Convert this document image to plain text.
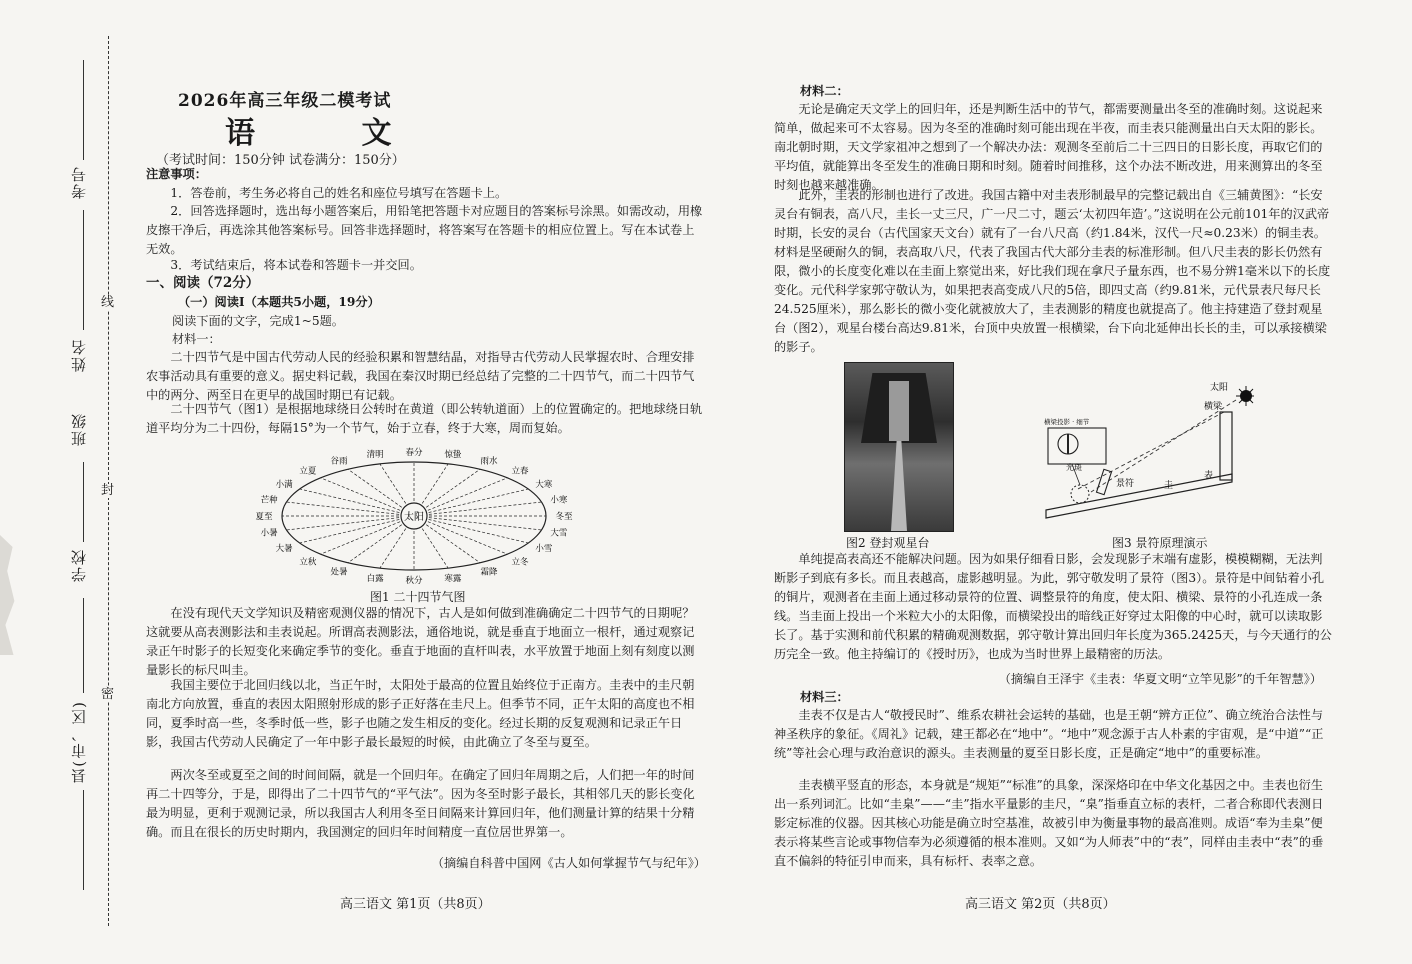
线
封
密
考号
姓名
班级
学校
县(市、区)
2026年高三年级二模考试
语 文
（考试时间：150分钟 试卷满分：150分）

注意事项：

1．答卷前，考生务必将自己的姓名和座位号填写在答题卡上。

2．回答选择题时，选出每小题答案后，用铅笔把答题卡对应题目的答案标号涂黑。如需改动，用橡皮擦干净后，再选涂其他答案标号。回答非选择题时，将答案写在答题卡的相应位置上。写在本试卷上无效。

3．考试结束后，将本试卷和答题卡一并交回。

一、阅读（72分）

（一）阅读Ⅰ（本题共5小题，19分）

阅读下面的文字，完成1~5题。

材料一：

二十四节气是中国古代劳动人民的经验积累和智慧结晶，对指导古代劳动人民掌握农时、合理安排农事活动具有重要的意义。据史料记载，我国在秦汉时期已经总结了完整的二十四节气，而二十四节气中的两分、两至日在更早的战国时期已有记载。

二十四节气（图1）是根据地球绕日公转时在黄道（即公转轨道面）上的位置确定的。把地球绕日轨道平均分为二十四份，每隔15°为一个节气，始于立春，终于大寒，周而复始。

太阳	冬至
小寒
大寒
立春
雨水
惊蛰
春分
清明
谷雨
立夏
小满
芒种
夏至
小暑
大暑
立秋
处暑
白露	秋分	寒露
霜降
立冬
小雪
大雪
图1 二十四节气图

在没有现代天文学知识及精密观测仪器的情况下，古人是如何做到准确确定二十四节气的日期呢？这就要从高表测影法和圭表说起。所谓高表测影法，通俗地说，就是垂直于地面立一根杆，通过观察记录正午时影子的长短变化来确定季节的变化。垂直于地面的直杆叫表，水平放置于地面上刻有刻度以测量影长的标尺叫圭。

我国主要位于北回归线以北，当正午时，太阳处于最高的位置且始终位于正南方。圭表中的圭尺朝南北方向放置，垂直的表因太阳照射形成的影子正好落在圭尺上。但季节不同，正午太阳的高度也不相同，夏季时高一些，冬季时低一些，影子也随之发生相反的变化。经过长期的反复观测和记录正午日影，我国古代劳动人民确定了一年中影子最长最短的时候，由此确立了冬至与夏至。

两次冬至或夏至之间的时间间隔，就是一个回归年。在确定了回归年周期之后，人们把一年的时间再二十四等分，于是，即得出了二十四节气的“平气法”。因为冬至时影子最长，其相邻几天的影长变化最为明显，更利于观测记录，所以我国古人利用冬至日间隔来计算回归年，他们测量计算的结果十分精确。而且在很长的历史时期内，我国测定的回归年时间精度一直位居世界第一。

（摘编自科普中国网《古人如何掌握节气与纪年》）

高三语文 第1页（共8页）

材料二：

无论是确定天文学上的回归年，还是判断生活中的节气，都需要测量出冬至的准确时刻。这说起来简单，做起来可不太容易。因为冬至的准确时刻可能出现在半夜，而圭表只能测量出白天太阳的影长。南北朝时期，天文学家祖冲之想到了一个解决办法：观测冬至前后二十三四日的日影长度，再取它们的平均值，就能算出冬至发生的准确日期和时刻。随着时间推移，这个办法不断改进，用来测算出的冬至时刻也越来越准确。

此外，圭表的形制也进行了改进。我国古籍中对圭表形制最早的完整记载出自《三辅黄图》：“长安灵台有铜表，高八尺，圭长一丈三尺，广一尺二寸，题云‘太初四年造’。”这说明在公元前101年的汉武帝时期，长安的灵台（古代国家天文台）就有了一台八尺高（约1.84米，汉代一尺≈0.23米）的铜圭表。材料是坚硬耐久的铜，表高取八尺，代表了我国古代大部分圭表的标准形制。但八尺圭表的影长仍然有限，微小的长度变化难以在圭面上察觉出来，好比我们现在拿尺子量东西，也不易分辨1毫米以下的长度变化。元代科学家郭守敬认为，如果把表高变成八尺的5倍，即四丈高（约9.81米，元代景表尺每尺长24.525厘米），那么影长的微小变化就被放大了，圭表测影的精度也就提高了。他主持建造了登封观星台（图2），观星台楼台高达9.81米，台顶中央放置一根横梁，台下向北延伸出长长的圭，可以承接横梁的影子。

太阳
横梁
表
圭
景符
横梁投影 · 细节
光斑
图2 登封观星台	图3 景符原理演示

单纯提高表高还不能解决问题。因为如果仔细看日影，会发现影子末端有虚影，模模糊糊，无法判断影子到底有多长。而且表越高，虚影越明显。为此，郭守敬发明了景符（图3）。景符是中间钻着小孔的铜片，观测者在圭面上通过移动景符的位置、调整景符的角度，使太阳、横梁、景符的小孔连成一条线。当圭面上投出一个米粒大小的太阳像，而横梁投出的暗线正好穿过太阳像的中心时，就可以读取影长了。基于实测和前代积累的精确观测数据，郭守敬计算出回归年长度为365.2425天，与今天通行的公历完全一致。他主持编订的《授时历》，也成为当时世界上最精密的历法。

（摘编自王泽宇《圭表：华夏文明“立竿见影”的千年智慧》）

材料三：

圭表不仅是古人“敬授民时”、维系农耕社会运转的基础，也是王朝“辨方正位”、确立统治合法性与神圣秩序的象征。《周礼》记载，建王都必在“地中”。“地中”观念源于古人朴素的宇宙观，是“中道”“正统”等社会心理与政治意识的源头。圭表测量的夏至日影长度，正是确定“地中”的重要标准。

圭表横平竖直的形态，本身就是“规矩”“标准”的具象，深深烙印在中华文化基因之中。圭表也衍生出一系列词汇。比如“圭臬”——“圭”指水平量影的圭尺，“臬”指垂直立标的表杆，二者合称即代表测日影定标准的仪器。因其核心功能是确立时空基准，故被引申为衡量事物的最高准则。成语“奉为圭臬”便表示将某些言论或事物信奉为必须遵循的根本准则。又如“为人师表”中的“表”，同样由圭表中“表”的垂直不偏斜的特征引申而来，具有标杆、表率之意。

高三语文 第2页（共8页）
